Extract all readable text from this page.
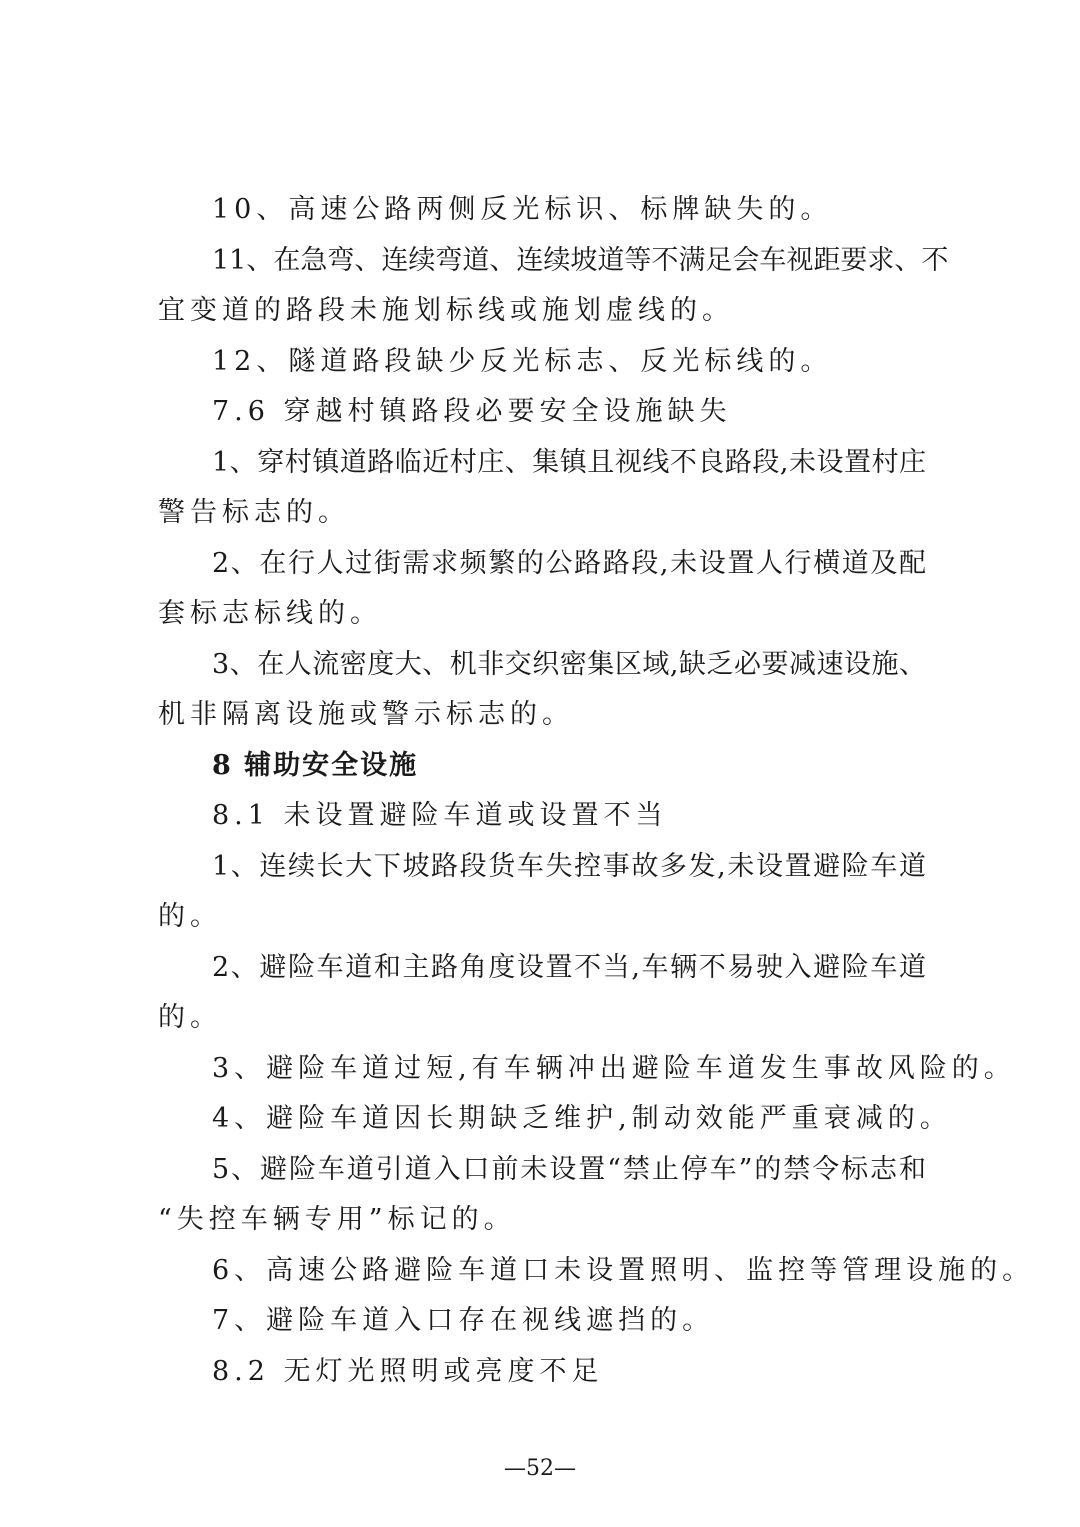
10、高速公路两侧反光标识、标牌缺失的。
11、在急弯、连续弯道、连续坡道等不满足会车视距要求、不
宜变道的路段未施划标线或施划虚线的。
12、隧道路段缺少反光标志、反光标线的。
7.6 穿越村镇路段必要安全设施缺失
1、穿村镇道路临近村庄、集镇且视线不良路段,未设置村庄
警告标志的。
2、在行人过街需求频繁的公路路段,未设置人行横道及配
套标志标线的。
3、在人流密度大、机非交织密集区域,缺乏必要减速设施、
机非隔离设施或警示标志的。
8 辅助安全设施
8.1 未设置避险车道或设置不当
1、连续长大下坡路段货车失控事故多发,未设置避险车道
的。
2、避险车道和主路角度设置不当,车辆不易驶入避险车道
的。
3、避险车道过短,有车辆冲出避险车道发生事故风险的。
4、避险车道因长期缺乏维护,制动效能严重衰减的。
5、避险车道引道入口前未设置“禁止停车”的禁令标志和
“失控车辆专用”标记的。
6、高速公路避险车道口未设置照明、监控等管理设施的。
7、避险车道入口存在视线遮挡的。
8.2 无灯光照明或亮度不足
—52—
